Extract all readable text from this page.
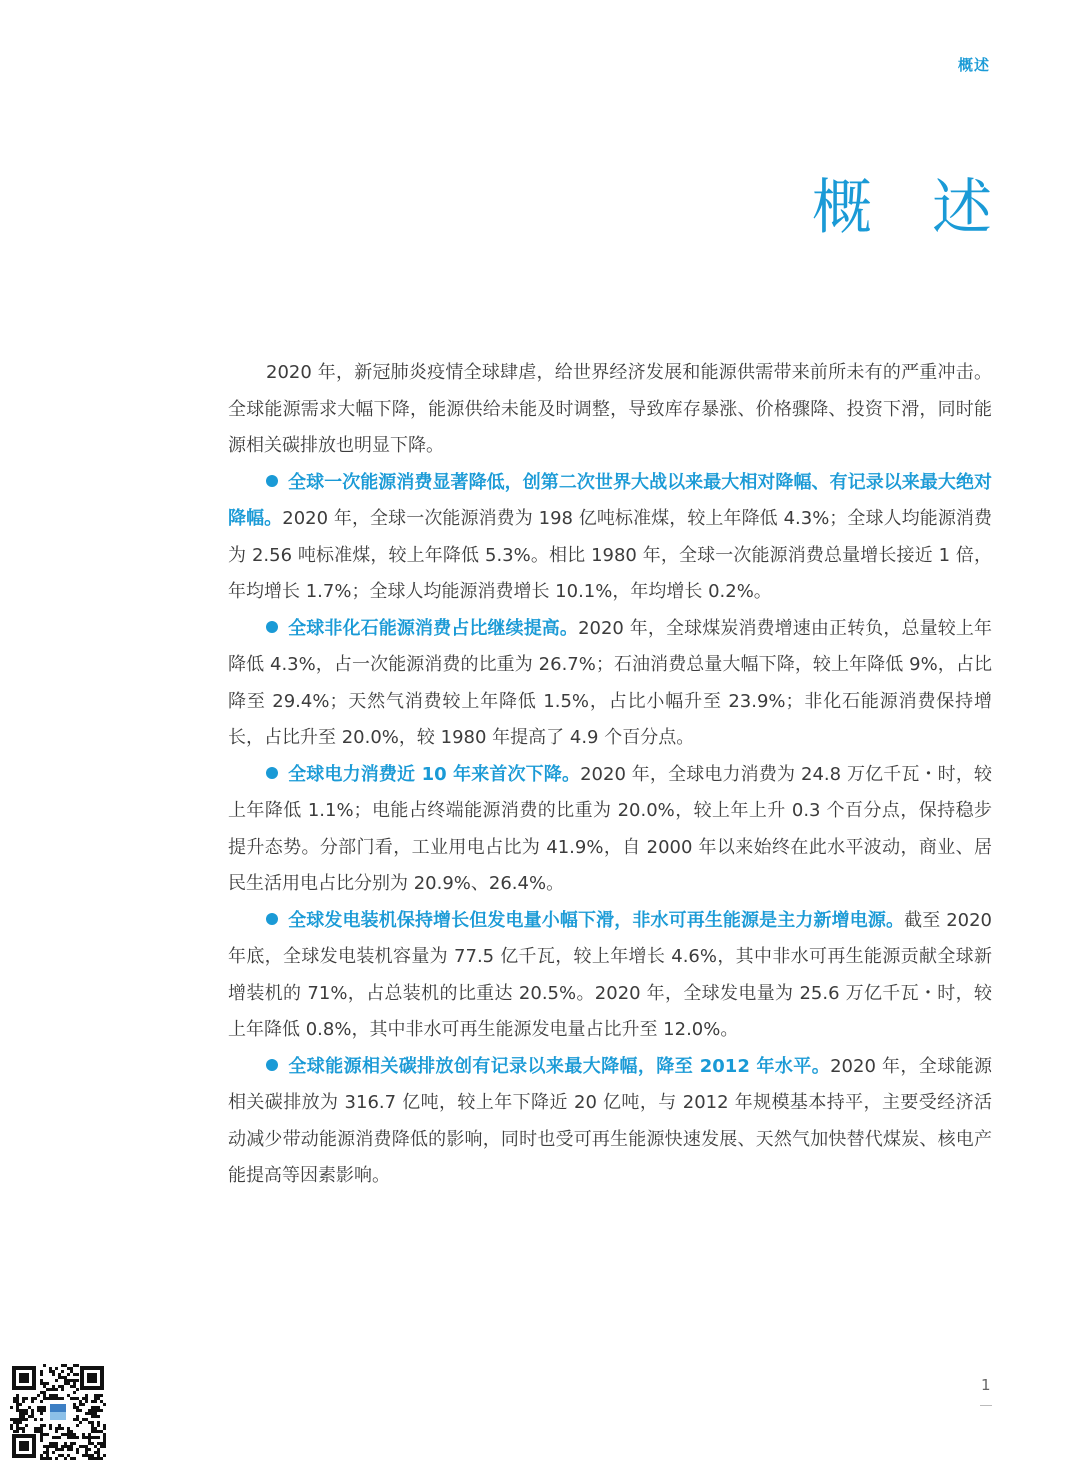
概述
概述

2020 年，新冠肺炎疫情全球肆虐，给世界经济发展和能源供需带来前所未有的严重冲击。全球能源需求大幅下降，能源供给未能及时调整，导致库存暴涨、价格骤降、投资下滑，同时能源相关碳排放也明显下降。

全球一次能源消费显著降低，创第二次世界大战以来最大相对降幅、有记录以来最大绝对降幅。2020 年，全球一次能源消费为 198 亿吨标准煤，较上年降低 4.3%；全球人均能源消费为 2.56 吨标准煤，较上年降低 5.3%。相比 1980 年，全球一次能源消费总量增长接近 1 倍，年均增长 1.7%；全球人均能源消费增长 10.1%，年均增长 0.2%。

全球非化石能源消费占比继续提高。2020 年，全球煤炭消费增速由正转负，总量较上年降低 4.3%，占一次能源消费的比重为 26.7%；石油消费总量大幅下降，较上年降低 9%，占比降至 29.4%；天然气消费较上年降低 1.5%，占比小幅升至 23.9%；非化石能源消费保持增长，占比升至 20.0%，较 1980 年提高了 4.9 个百分点。

全球电力消费近 10 年来首次下降。2020 年，全球电力消费为 24.8 万亿千瓦・时，较上年降低 1.1%；电能占终端能源消费的比重为 20.0%，较上年上升 0.3 个百分点，保持稳步提升态势。分部门看，工业用电占比为 41.9%，自 2000 年以来始终在此水平波动，商业、居民生活用电占比分别为 20.9%、26.4%。

全球发电装机保持增长但发电量小幅下滑，非水可再生能源是主力新增电源。截至 2020 年底，全球发电装机容量为 77.5 亿千瓦，较上年增长 4.6%，其中非水可再生能源贡献全球新增装机的 71%，占总装机的比重达 20.5%。2020 年，全球发电量为 25.6 万亿千瓦・时，较上年降低 0.8%，其中非水可再生能源发电量占比升至 12.0%。

全球能源相关碳排放创有记录以来最大降幅，降至 2012 年水平。2020 年，全球能源相关碳排放为 316.7 亿吨，较上年下降近 20 亿吨，与 2012 年规模基本持平，主要受经济活动减少带动能源消费降低的影响，同时也受可再生能源快速发展、天然气加快替代煤炭、核电产能提高等因素影响。

1
